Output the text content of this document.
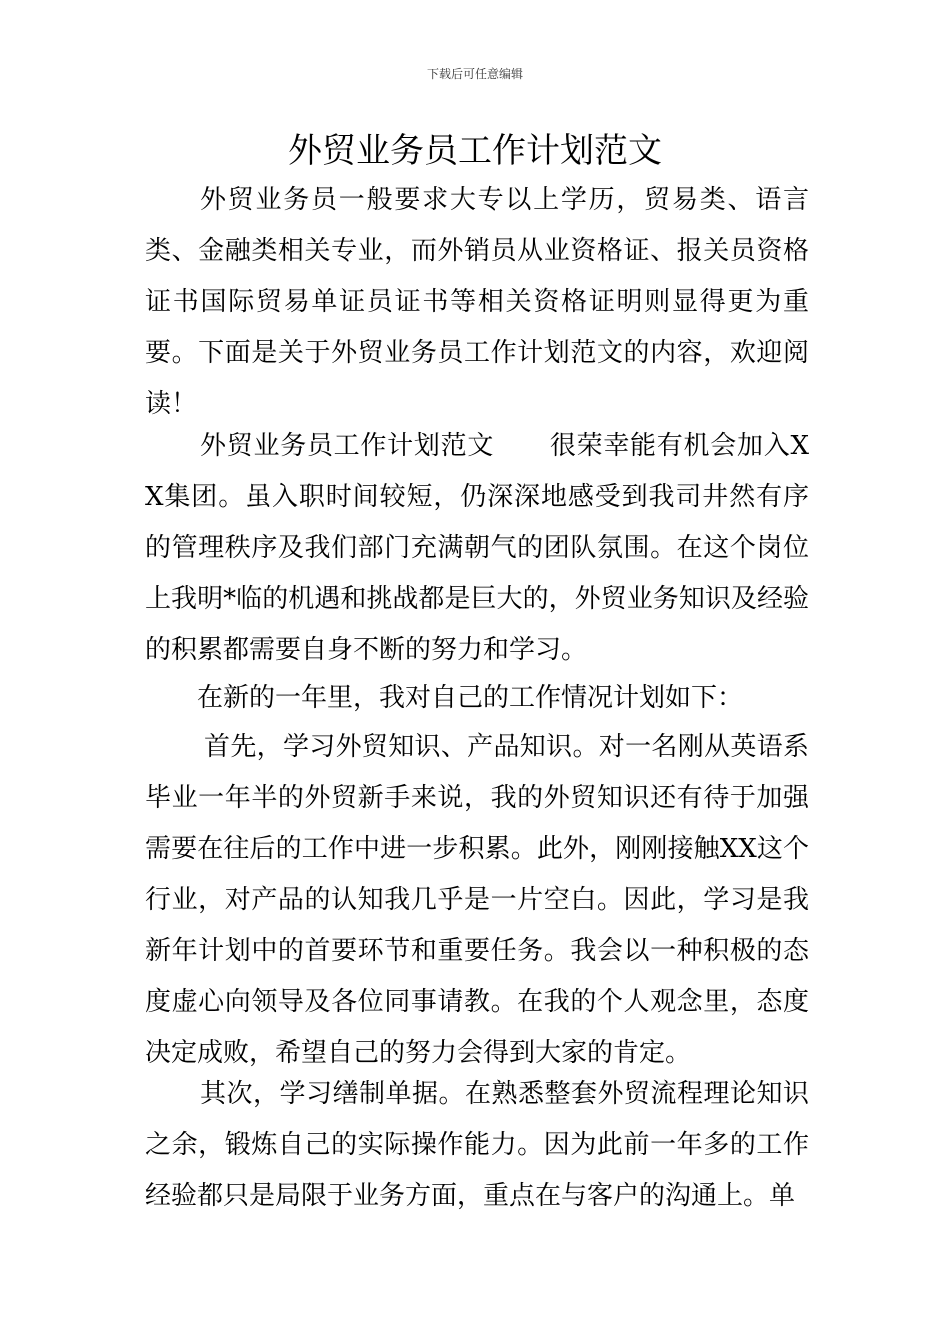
下载后可任意编辑
外贸业务员工作计划范文

外贸业务员一般要求大专以上学历，贸易类、语言类、金融类相关专业，而外销员从业资格证、报关员资格证书国际贸易单证员证书等相关资格证明则显得更为重要。下面是关于外贸业务员工作计划范文的内容，欢迎阅读！

外贸业务员工作计划范文 很荣幸能有机会加入XX集团。虽入职时间较短，仍深深地感受到我司井然有序的管理秩序及我们部门充满朝气的团队氛围。在这个岗位上我明*临的机遇和挑战都是巨大的，外贸业务知识及经验的积累都需要自身不断的努力和学习。

在新的一年里，我对自己的工作情况计划如下：

首先，学习外贸知识、产品知识。对一名刚从英语系毕业一年半的外贸新手来说，我的外贸知识还有待于加强需要在往后的工作中进一步积累。此外，刚刚接触XX这个行业，对产品的认知我几乎是一片空白。因此，学习是我新年计划中的首要环节和重要任务。我会以一种积极的态度虚心向领导及各位同事请教。在我的个人观念里，态度决定成败，希望自己的努力会得到大家的肯定。

其次，学习缮制单据。在熟悉整套外贸流程理论知识之余，锻炼自己的实际操作能力。因为此前一年多的工作经验都只是局限于业务方面，重点在与客户的沟通上。单
